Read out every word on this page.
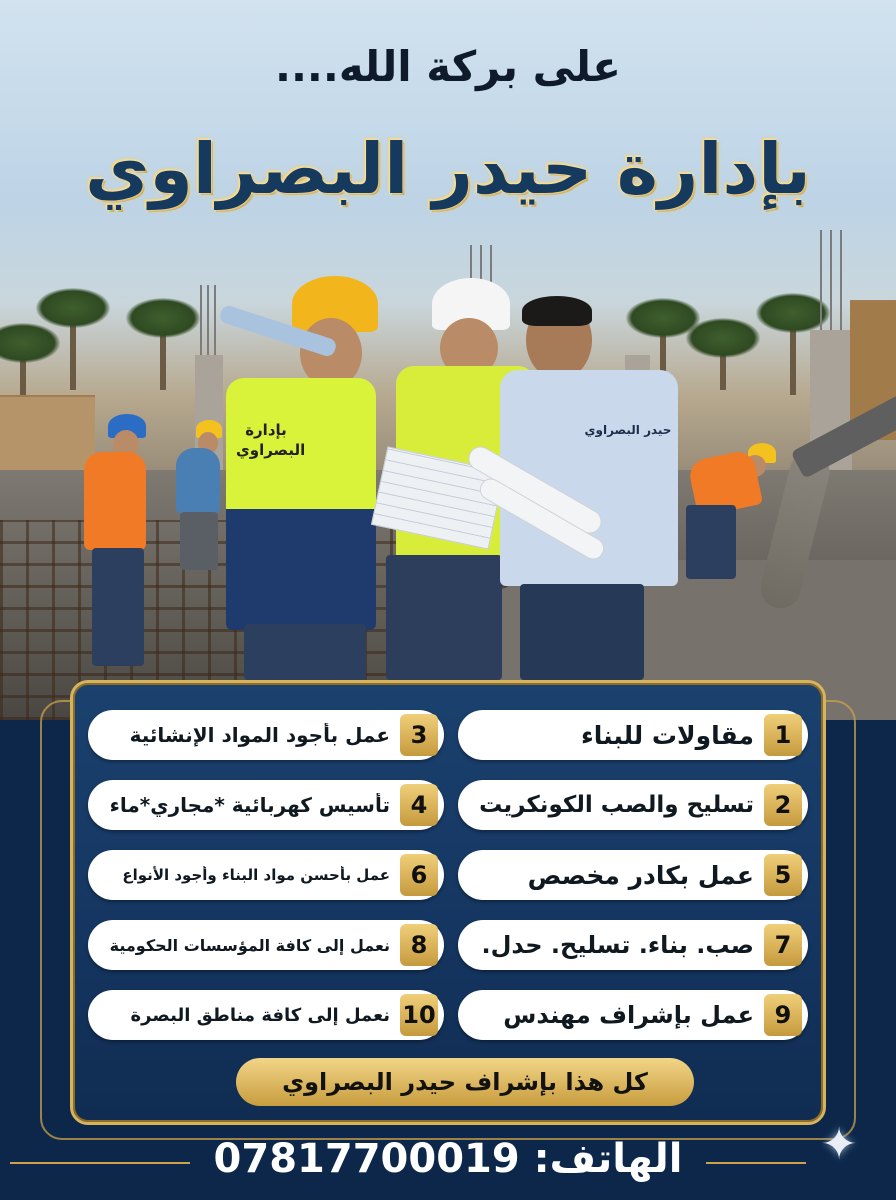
بإدارة البصراوي
حيدر البصراوي
على بركة الله....
بإدارة حيدر البصراوي
1
مقاولات للبناء
2
تسليح والصب الكونكريت
5
عمل بكادر مخصص
7
صب. بناء. تسليح. حدل.
9
عمل بإشراف مهندس
3
عمل بأجود المواد الإنشائية
4
تأسيس كهربائية *مجاري*ماء
6
عمل بأحسن مواد البناء وأجود الأنواع
8
نعمل إلى كافة المؤسسات الحكومية
10
نعمل إلى كافة مناطق البصرة
كل هذا بإشراف حيدر البصراوي
الهاتف: 07817700019	✦
